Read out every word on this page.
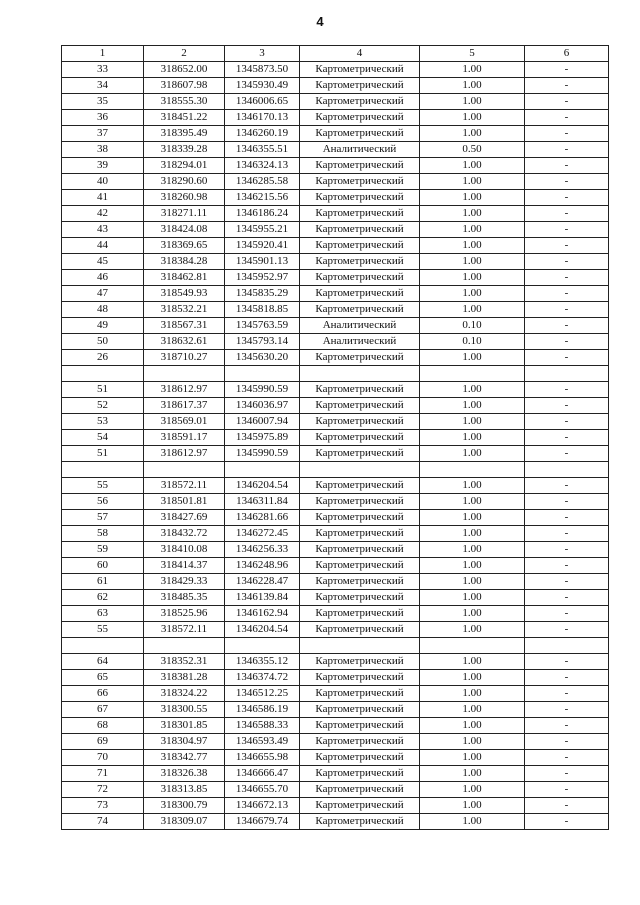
4
1	2	3	4	5	6
33	318652.00	1345873.50	Картометрический	1.00	-
34	318607.98	1345930.49	Картометрический	1.00	-
35	318555.30	1346006.65	Картометрический	1.00	-
36	318451.22	1346170.13	Картометрический	1.00	-
37	318395.49	1346260.19	Картометрический	1.00	-
38	318339.28	1346355.51	Аналитический	0.50	-
39	318294.01	1346324.13	Картометрический	1.00	-
40	318290.60	1346285.58	Картометрический	1.00	-
41	318260.98	1346215.56	Картометрический	1.00	-
42	318271.11	1346186.24	Картометрический	1.00	-
43	318424.08	1345955.21	Картометрический	1.00	-
44	318369.65	1345920.41	Картометрический	1.00	-
45	318384.28	1345901.13	Картометрический	1.00	-
46	318462.81	1345952.97	Картометрический	1.00	-
47	318549.93	1345835.29	Картометрический	1.00	-
48	318532.21	1345818.85	Картометрический	1.00	-
49	318567.31	1345763.59	Аналитический	0.10	-
50	318632.61	1345793.14	Аналитический	0.10	-
26	318710.27	1345630.20	Картометрический	1.00	-

51	318612.97	1345990.59	Картометрический	1.00	-
52	318617.37	1346036.97	Картометрический	1.00	-
53	318569.01	1346007.94	Картометрический	1.00	-
54	318591.17	1345975.89	Картометрический	1.00	-
51	318612.97	1345990.59	Картометрический	1.00	-

55	318572.11	1346204.54	Картометрический	1.00	-
56	318501.81	1346311.84	Картометрический	1.00	-
57	318427.69	1346281.66	Картометрический	1.00	-
58	318432.72	1346272.45	Картометрический	1.00	-
59	318410.08	1346256.33	Картометрический	1.00	-
60	318414.37	1346248.96	Картометрический	1.00	-
61	318429.33	1346228.47	Картометрический	1.00	-
62	318485.35	1346139.84	Картометрический	1.00	-
63	318525.96	1346162.94	Картометрический	1.00	-
55	318572.11	1346204.54	Картометрический	1.00	-

64	318352.31	1346355.12	Картометрический	1.00	-
65	318381.28	1346374.72	Картометрический	1.00	-
66	318324.22	1346512.25	Картометрический	1.00	-
67	318300.55	1346586.19	Картометрический	1.00	-
68	318301.85	1346588.33	Картометрический	1.00	-
69	318304.97	1346593.49	Картометрический	1.00	-
70	318342.77	1346655.98	Картометрический	1.00	-
71	318326.38	1346666.47	Картометрический	1.00	-
72	318313.85	1346655.70	Картометрический	1.00	-
73	318300.79	1346672.13	Картометрический	1.00	-
74	318309.07	1346679.74	Картометрический	1.00	-
